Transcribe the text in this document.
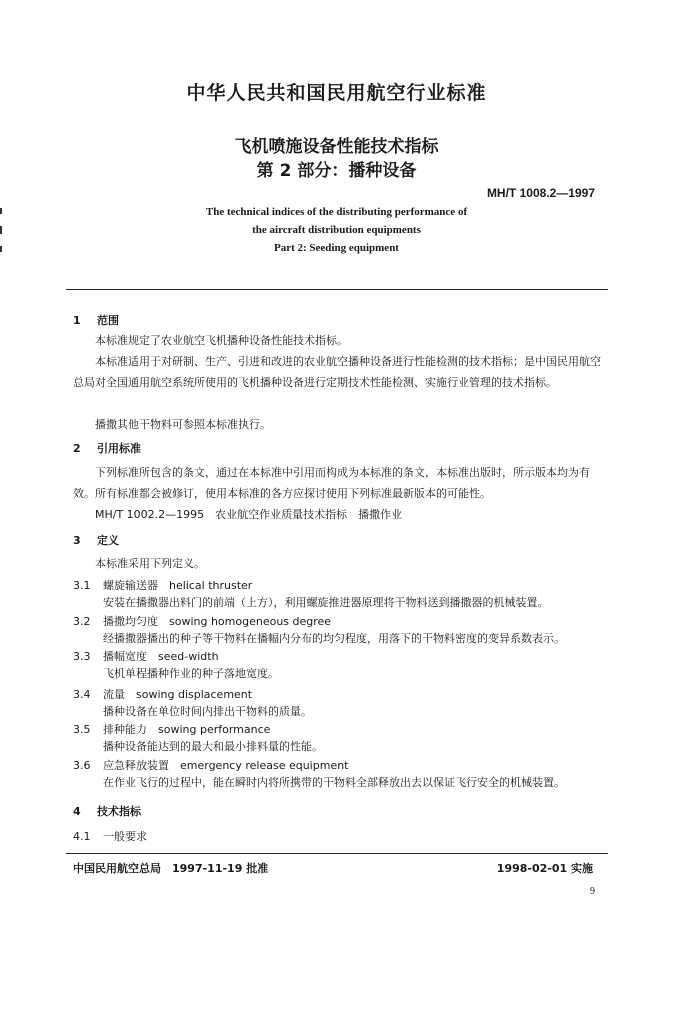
中华人民共和国民用航空行业标准
飞机喷施设备性能技术指标
第 2 部分：播种设备
MH/T 1008.2—1997
The technical indices of the distributing performance of
the aircraft distribution equipments
Part 2: Seeding equipment
1 范围
本标准规定了农业航空飞机播种设备性能技术指标。
本标准适用于对研制、生产、引进和改进的农业航空播种设备进行性能检测的技术指标；是中国民用航空总局对全国通用航空系统所使用的飞机播种设备进行定期技术性能检测、实施行业管理的技术指标。
播撒其他干物料可参照本标准执行。
2 引用标准
下列标准所包含的条文，通过在本标准中引用而构成为本标准的条文，本标准出版时，所示版本均为有效。所有标准都会被修订，使用本标准的各方应探讨使用下列标准最新版本的可能性。
MH/T 1002.2—1995　农业航空作业质量技术指标　播撒作业
3 定义
本标准采用下列定义。
3.1 螺旋输送器　helical thruster
安装在播撒器出料门的前端（上方），利用螺旋推进器原理将干物料送到播撒器的机械装置。
3.2 播撒均匀度　sowing homogeneous degree
经播撒器播出的种子等干物料在播幅内分布的均匀程度，用落下的干物料密度的变异系数表示。
3.3 播幅宽度　seed-width
飞机单程播种作业的种子落地宽度。
3.4 流量　sowing displacement
播种设备在单位时间内排出干物料的质量。
3.5 排种能力　sowing performance
播种设备能达到的最大和最小排料量的性能。
3.6 应急释放装置　emergency release equipment
在作业飞行的过程中，能在瞬时内将所携带的干物料全部释放出去以保证飞行安全的机械装置。
4 技术指标
4.1 一般要求
中国民用航空总局　1997-11-19 批准	1998-02-01 实施
9
